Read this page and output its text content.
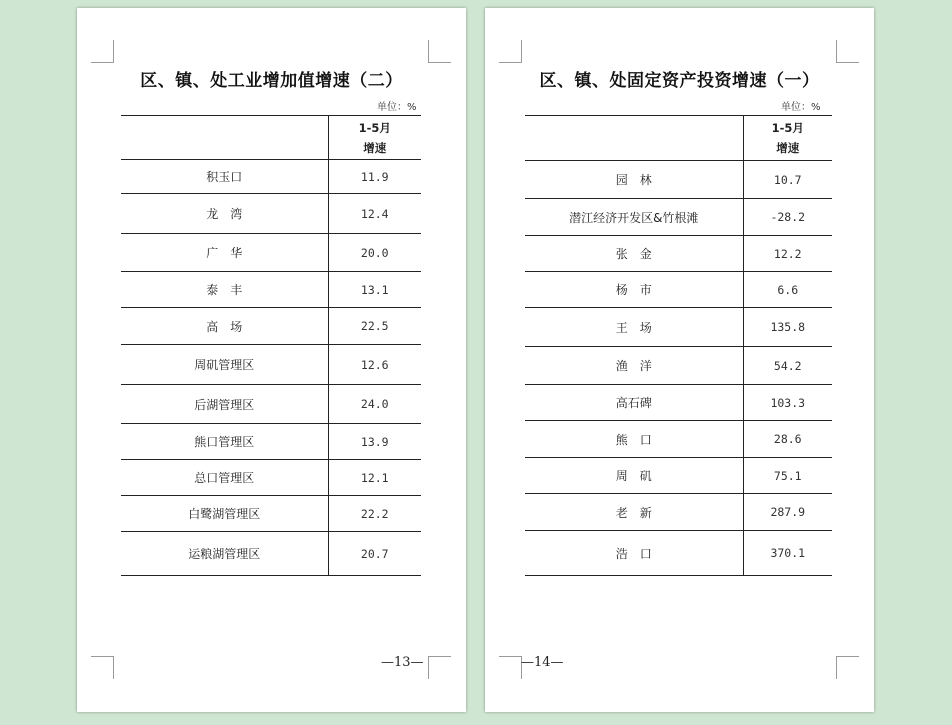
区、镇、处工业增加值增速（二）
单位：%

	1-5月
增速

积玉口	11.9
龙　湾	12.4
广　华	20.0
泰　丰	13.1
高　场	22.5
周矶管理区	12.6
后湖管理区	24.0
熊口管理区	13.9
总口管理区	12.1
白鹭湖管理区	22.2
运粮湖管理区	20.7
—13—
区、镇、处固定资产投资增速（一）
单位：%

	1-5月
增速

园　林	10.7
潜江经济开发区&竹根滩	-28.2
张　金	12.2
杨　市	6.6
王　场	135.8
渔　洋	54.2
高石碑	103.3
熊　口	28.6
周　矶	75.1
老　新	287.9
浩　口	370.1
—14—
